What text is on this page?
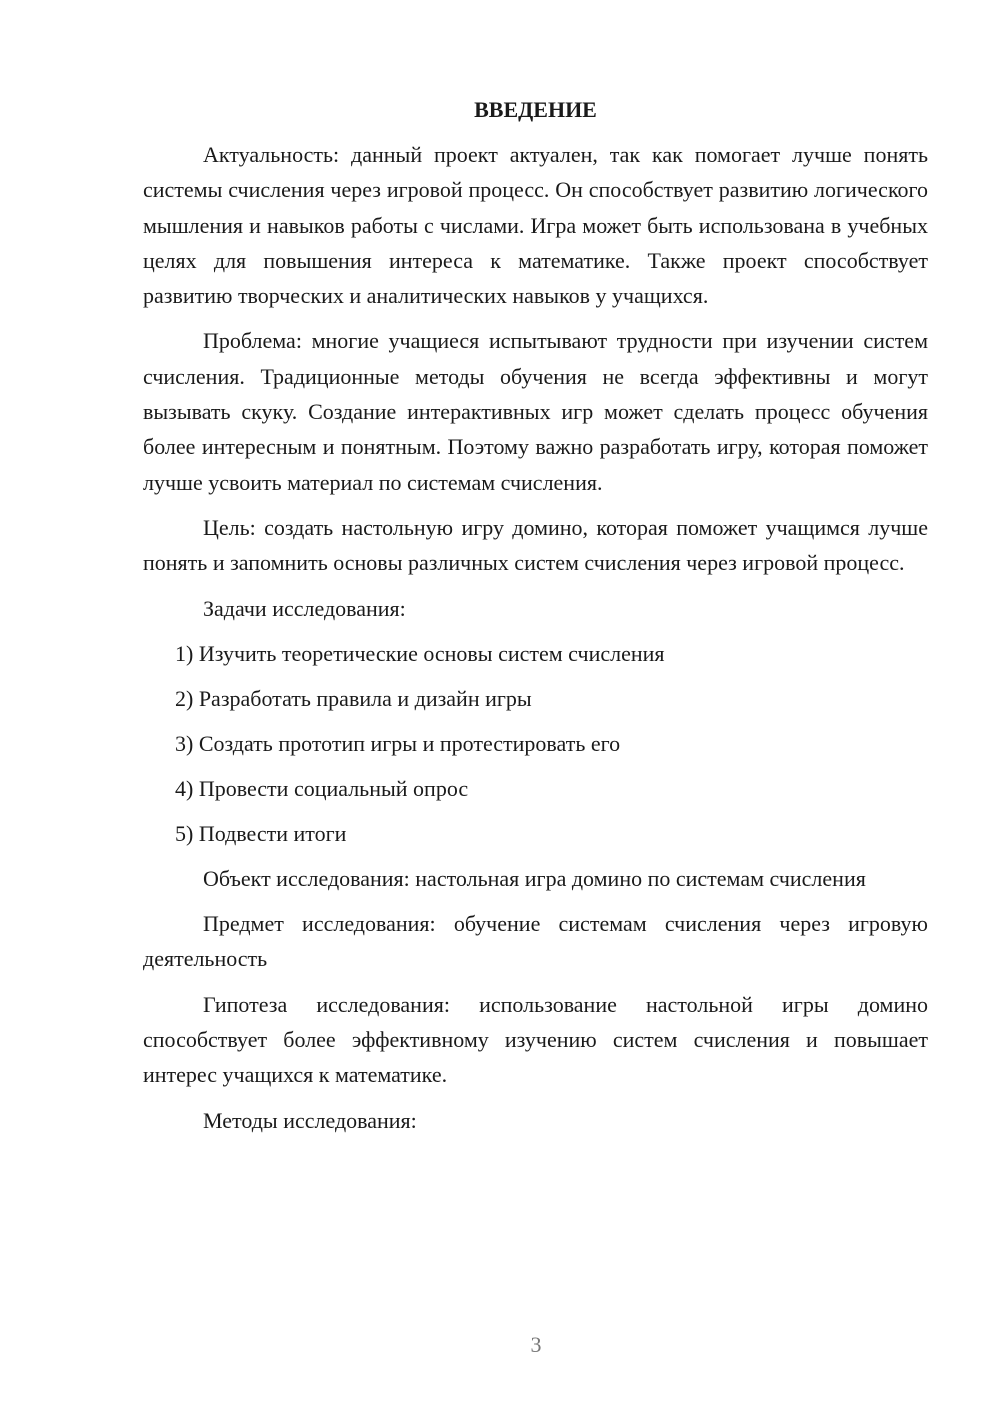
ВВЕДЕНИЕ

Актуальность: данный проект актуален, так как помогает лучше понять системы счисления через игровой процесс. Он способствует развитию логического мышления и навыков работы с числами. Игра может быть использована в учебных целях для повышения интереса к математике. Также проект способствует развитию творческих и аналитических навыков у учащихся.

Проблема: многие учащиеся испытывают трудности при изучении систем счисления. Традиционные методы обучения не всегда эффективны и могут вызывать скуку. Создание интерактивных игр может сделать процесс обучения более интересным и понятным. Поэтому важно разработать игру, которая поможет лучше усвоить материал по системам счисления.

Цель: создать настольную игру домино, которая поможет учащимся лучше понять и запомнить основы различных систем счисления через игровой процесс.

Задачи исследования:

1) Изучить теоретические основы систем счисления

2) Разработать правила и дизайн игры

3) Создать прототип игры и протестировать его

4) Провести социальный опрос

5) Подвести итоги

Объект исследования: настольная игра домино по системам счисления

Предмет исследования: обучение системам счисления через игровую деятельность

Гипотеза исследования: использование настольной игры домино способствует более эффективному изучению систем счисления и повышает интерес учащихся к математике.

Методы исследования:

3
